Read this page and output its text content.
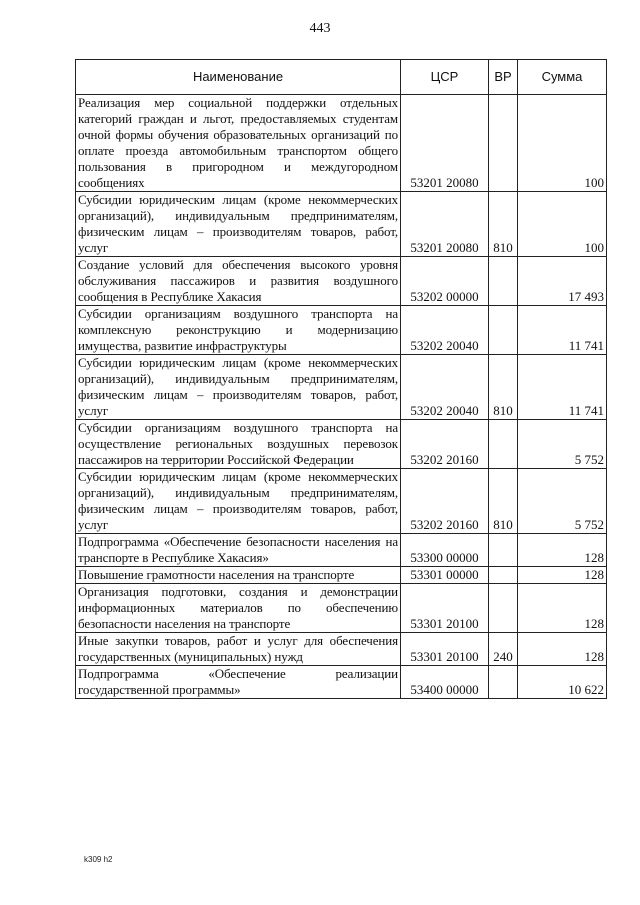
443
Наименование	ЦСР	ВР	Сумма
Реализация мер социальной поддержки отдельных категорий граждан и льгот, предоставляемых студентам очной формы обучения образовательных организаций по оплате проезда автомобильным транспортом общего пользования в пригородном и междугородном сообщениях	53201 20080		100
Субсидии юридическим лицам (кроме некоммерческих организаций), индивидуальным предпринимателям, физическим лицам – производителям товаров, работ, услуг	53201 20080	810	100
Создание условий для обеспечения высокого уровня обслуживания пассажиров и развития воздушного сообщения в Республике Хакасия	53202 00000		17 493
Субсидии организациям воздушного транспорта на комплексную реконструкцию и модернизацию имущества, развитие инфраструктуры	53202 20040		11 741
Субсидии юридическим лицам (кроме некоммерческих организаций), индивидуальным предпринимателям, физическим лицам – производителям товаров, работ, услуг	53202 20040	810	11 741
Субсидии организациям воздушного транспорта на осуществление региональных воздушных перевозок пассажиров на территории Российской Федерации	53202 20160		5 752
Субсидии юридическим лицам (кроме некоммерческих организаций), индивидуальным предпринимателям, физическим лицам – производителям товаров, работ, услуг	53202 20160	810	5 752
Подпрограмма «Обеспечение безопасности населения на транспорте в Республике Хакасия»	53300 00000		128
Повышение грамотности населения на транспорте	53301 00000		128
Организация подготовки, создания и демонстрации информационных материалов по обеспечению безопасности населения на транспорте	53301 20100		128
Иные закупки товаров, работ и услуг для обеспечения государственных (муниципальных) нужд	53301 20100	240	128
Подпрограмма «Обеспечение реализации государственной программы»	53400 00000		10 622
k309 h2
